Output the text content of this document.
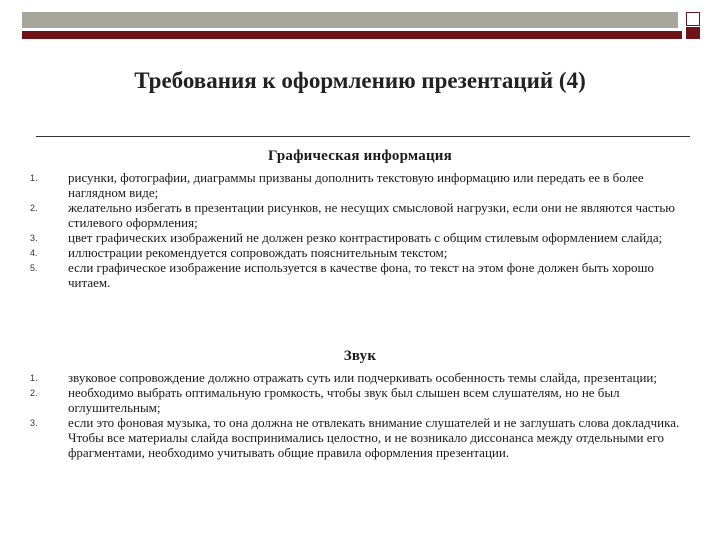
Требования к оформлению презентаций (4)
Графическая информация
1. рисунки, фотографии, диаграммы призваны дополнить текстовую информацию или передать ее в более наглядном виде;
2. желательно избегать в презентации рисунков, не несущих смысловой нагрузки, если они не являются частью стилевого оформления;
3. цвет графических изображений не должен резко контрастировать с общим стилевым оформлением слайда;
4. иллюстрации рекомендуется сопровождать пояснительным текстом;
5. если графическое изображение используется в качестве фона, то текст на этом фоне должен быть хорошо читаем.
Звук
1. звуковое сопровождение должно отражать суть или подчеркивать особенность темы слайда, презентации;
2. необходимо выбрать оптимальную громкость, чтобы звук был слышен всем слушателям, но не был оглушительным;
3. если это фоновая музыка, то она должна не отвлекать внимание слушателей и не заглушать слова докладчика. Чтобы все материалы слайда воспринимались целостно, и не возникало диссонанса между отдельными его фрагментами, необходимо учитывать общие правила оформления презентации.
